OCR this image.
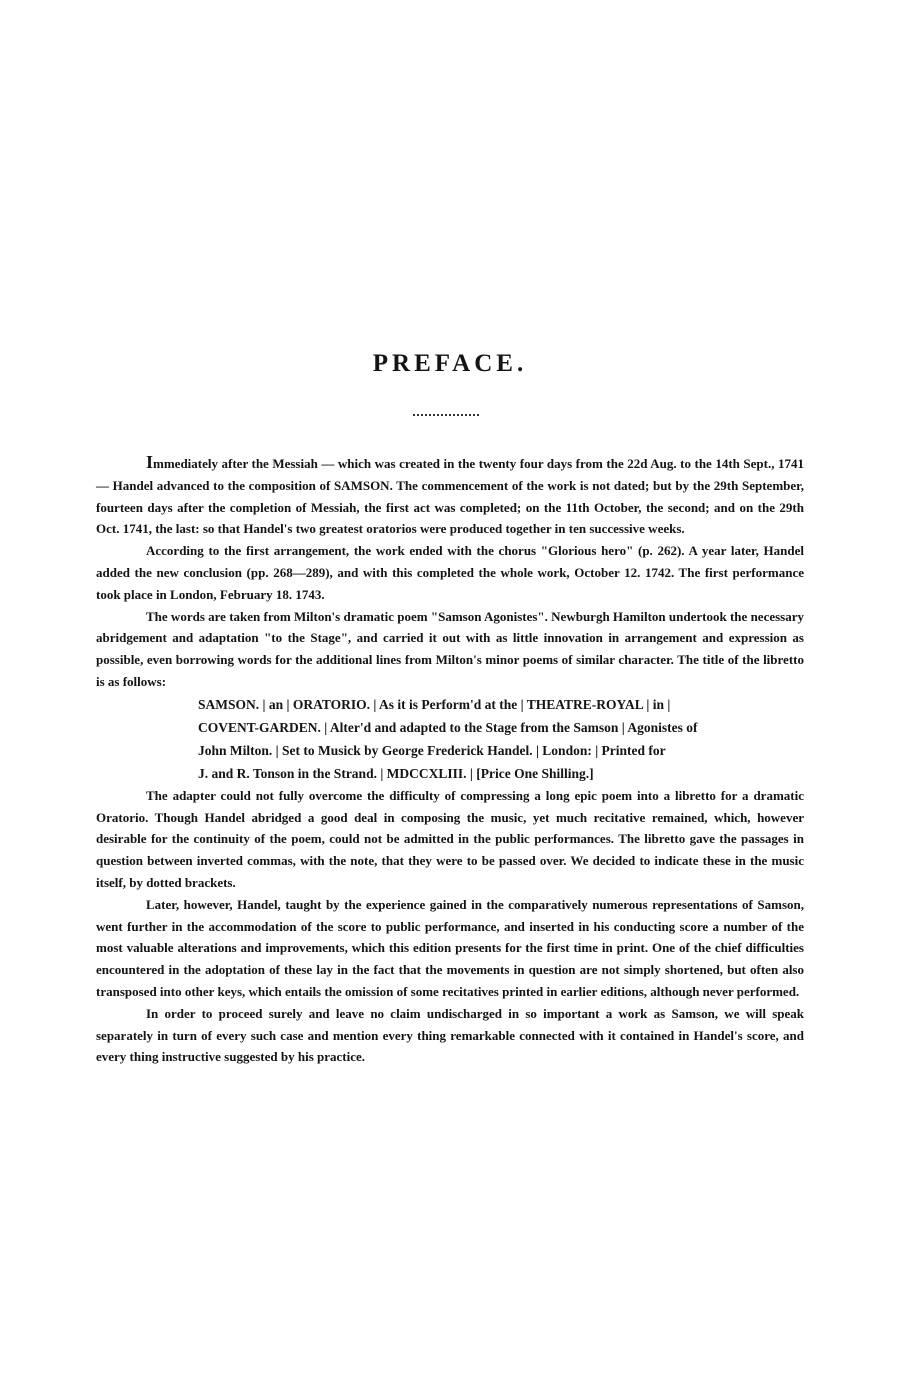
PREFACE.

Immediately after the Messiah — which was created in the twenty four days from the 22d Aug. to the 14th Sept., 1741 — Handel advanced to the composition of SAMSON. The commencement of the work is not dated; but by the 29th September, fourteen days after the completion of Messiah, the first act was completed; on the 11th October, the second; and on the 29th Oct. 1741, the last: so that Handel's two greatest oratorios were produced together in ten successive weeks.

According to the first arrangement, the work ended with the chorus "Glorious hero" (p. 262). A year later, Handel added the new conclusion (pp. 268—289), and with this completed the whole work, October 12. 1742. The first performance took place in London, February 18. 1743.

The words are taken from Milton's dramatic poem "Samson Agonistes". Newburgh Hamilton undertook the necessary abridgement and adaptation "to the Stage", and carried it out with as little innovation in arrangement and expression as possible, even borrowing words for the additional lines from Milton's minor poems of similar character. The title of the libretto is as follows:

SAMSON. | an | ORATORIO. | As it is Perform'd at the | THEATRE-ROYAL | in |
COVENT-GARDEN. | Alter'd and adapted to the Stage from the Samson | Agonistes of
John Milton. | Set to Musick by George Frederick Handel. | London: | Printed for
J. and R. Tonson in the Strand. | MDCCXLIII. | [Price One Shilling.]

The adapter could not fully overcome the difficulty of compressing a long epic poem into a libretto for a dramatic Oratorio. Though Handel abridged a good deal in composing the music, yet much recitative remained, which, however desirable for the continuity of the poem, could not be admitted in the public performances. The libretto gave the passages in question between inverted commas, with the note, that they were to be passed over. We decided to indicate these in the music itself, by dotted brackets.

Later, however, Handel, taught by the experience gained in the comparatively numerous representations of Samson, went further in the accommodation of the score to public performance, and inserted in his conducting score a number of the most valuable alterations and improvements, which this edition presents for the first time in print. One of the chief difficulties encountered in the adoptation of these lay in the fact that the movements in question are not simply shortened, but often also transposed into other keys, which entails the omission of some recitatives printed in earlier editions, although never performed.

In order to proceed surely and leave no claim undischarged in so important a work as Samson, we will speak separately in turn of every such case and mention every thing remarkable connected with it contained in Handel's score, and every thing instructive suggested by his practice.
